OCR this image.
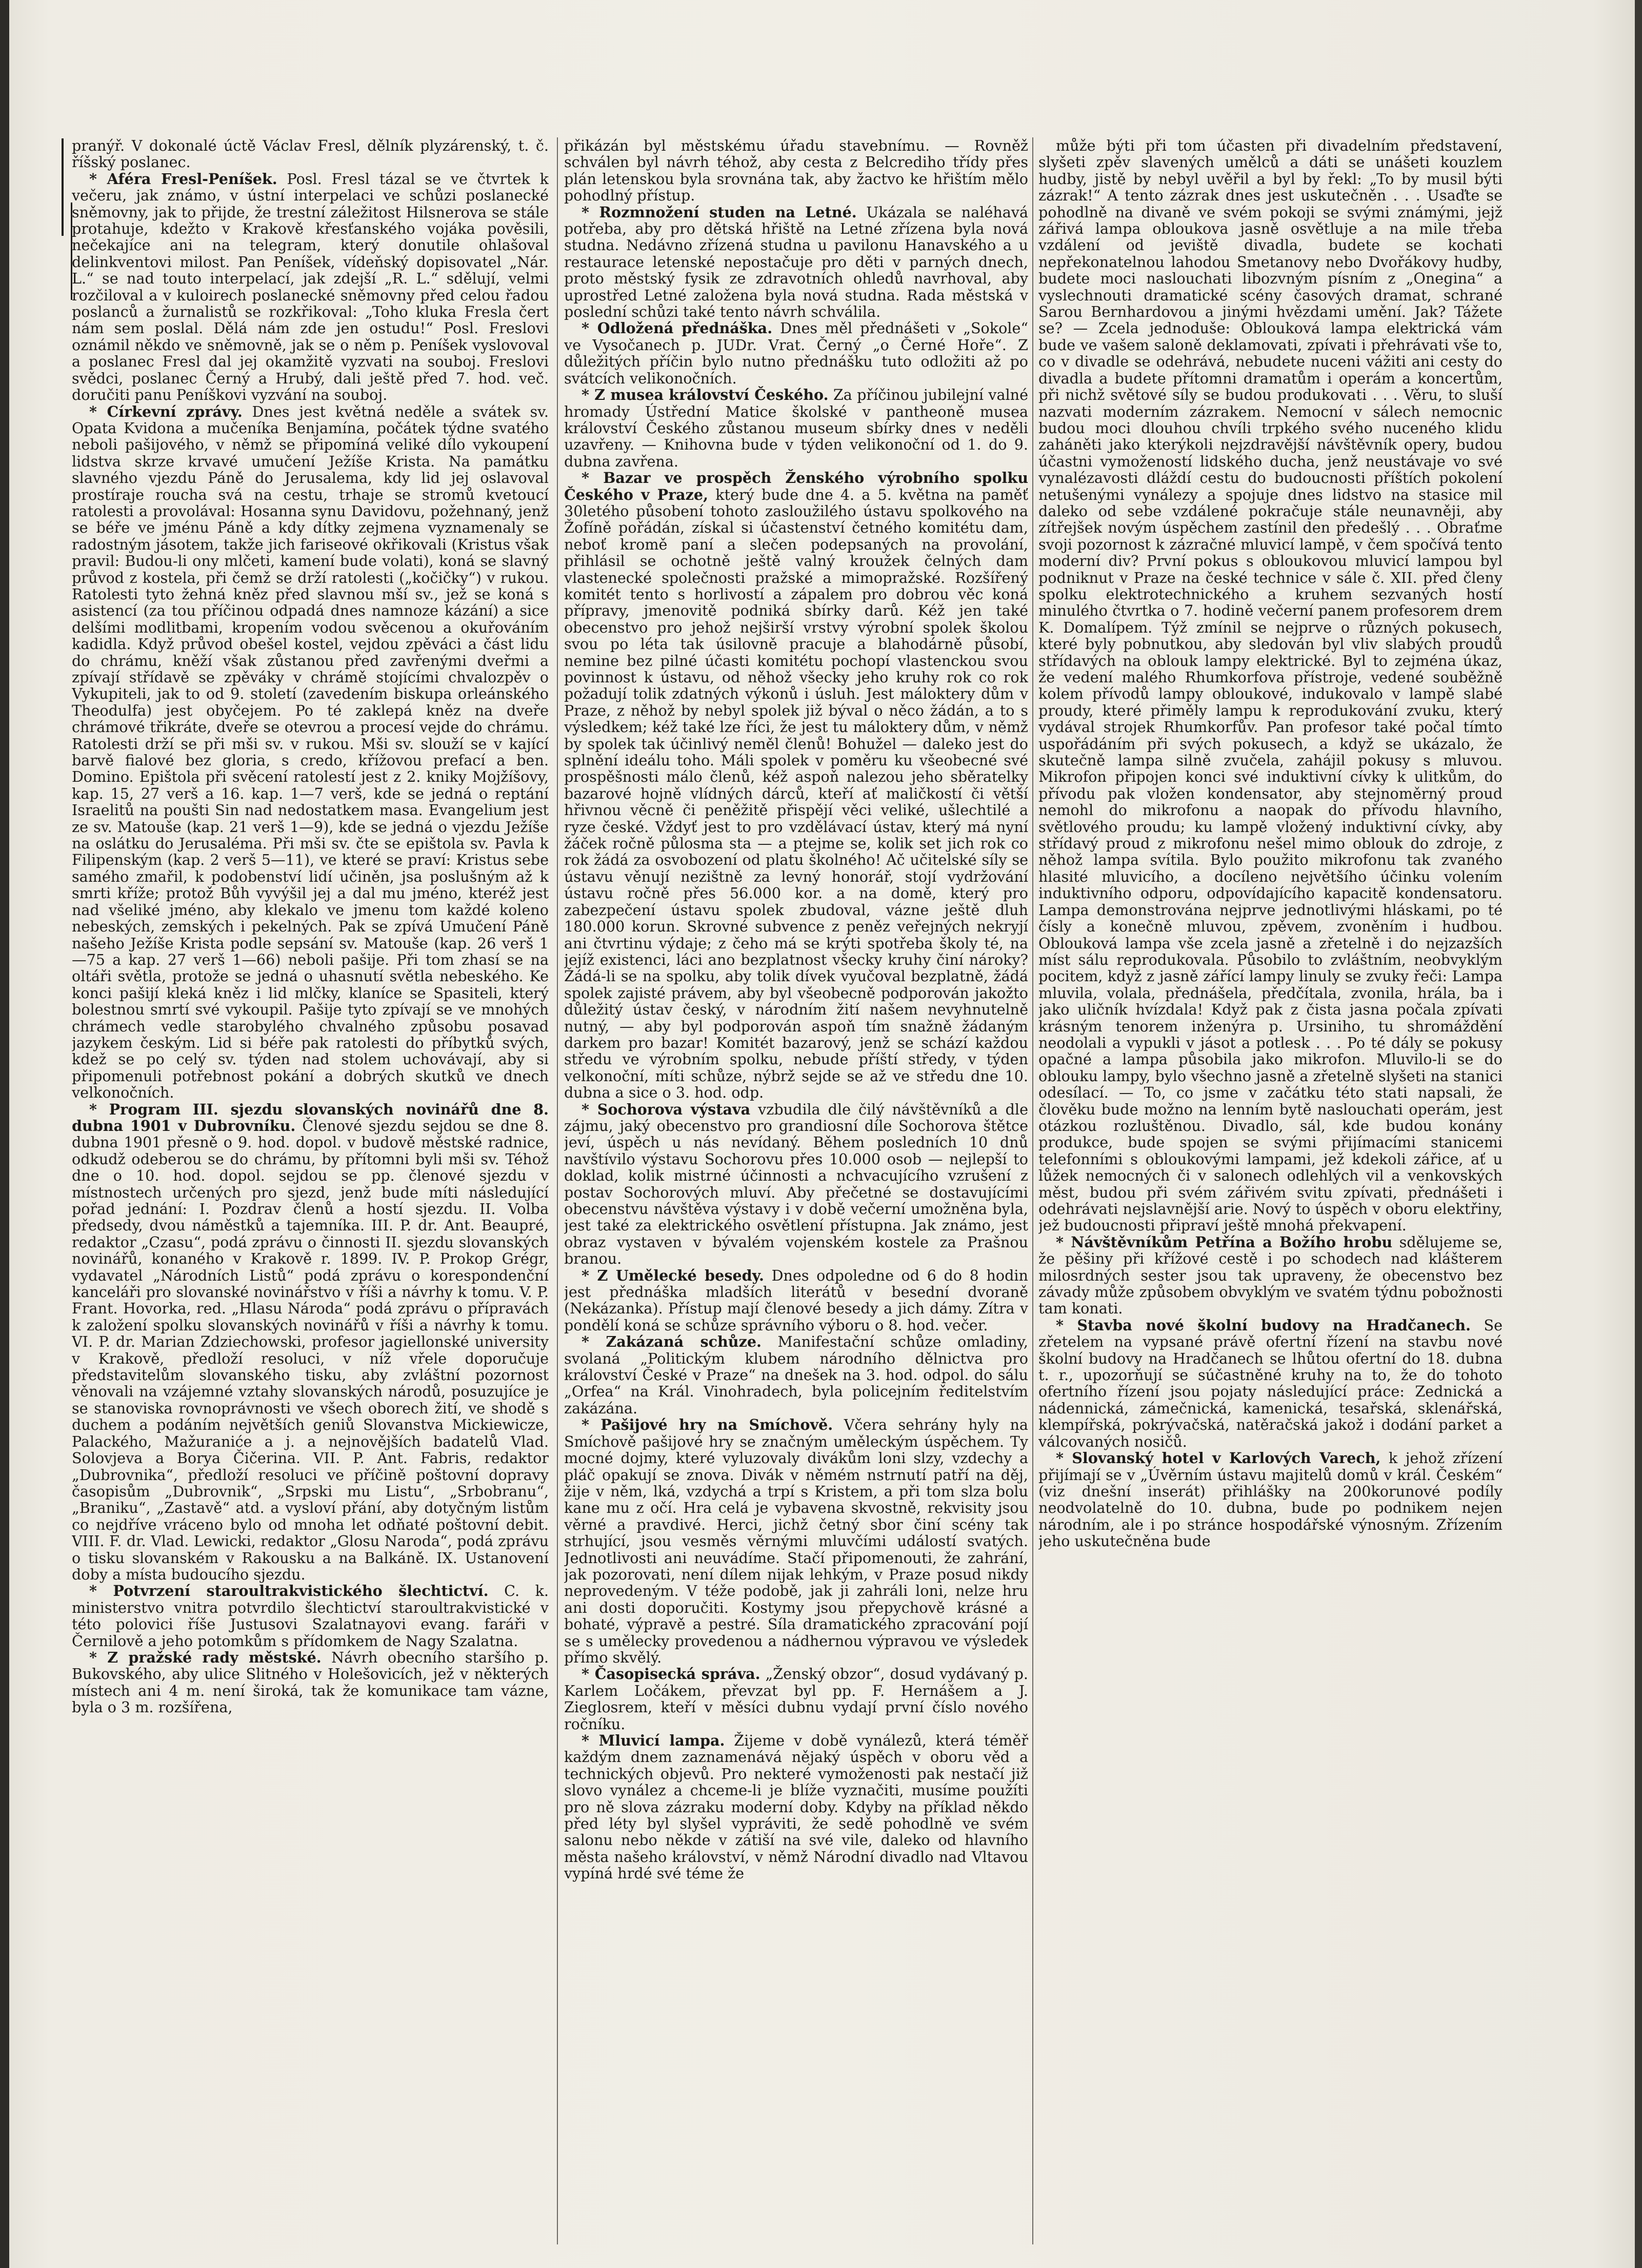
pranýř. V dokonalé úctě Václav Fresl, dělník plyzárenský, t. č. říšský poslanec.

* Aféra Fresl-Peníšek. Posl. Fresl tázal se ve čtvrtek k večeru, jak známo, v ústní interpelaci ve schůzi poslanecké sněmovny, jak to přijde, že trestní záležitost Hilsnerova se stále protahuje, kdežto v Krakově křesťanského vojáka pověsili, nečekajíce ani na telegram, který donutile ohlašoval delinkventovi milost. Pan Peníšek, vídeňský dopisovatel „Nár. L.“ se nad touto interpelací, jak zdejší „R. L.“ sdělují, velmi rozčiloval a v kuloirech poslanecké sněmovny před celou řadou poslanců a žurnalistů se rozkřikoval: „Toho kluka Fresla čert nám sem poslal. Dělá nám zde jen ostudu!“ Posl. Freslovi oznámil někdo ve sněmovně, jak se o něm p. Peníšek vyslovoval a poslanec Fresl dal jej okamžitě vyzvati na souboj. Freslovi svědci, poslanec Černý a Hrubý, dali ještě před 7. hod. več. doručiti panu Peníškovi vyzvání na souboj.

* Církevní zprávy. Dnes jest květná neděle a svátek sv. Opata Kvidona a mučeníka Benjamína, počátek týdne svatého neboli pašijového, v němž se připomíná veliké dílo vykoupení lidstva skrze krvavé umučení Ježíše Krista. Na památku slavného vjezdu Páně do Jerusalema, kdy lid jej oslavoval prostíraje roucha svá na cestu, trhaje se stromů kvetoucí ratolesti a provolával: Hosanna synu Davidovu, požehnaný, jenž se béře ve jménu Páně a kdy dítky zejmena vyznamenaly se radostným jásotem, takže jich fariseové okřikovali (Kristus však pravil: Budou-li ony mlčeti, kamení bude volati), koná se slavný průvod z kostela, při čemž se drží ratolesti („kočičky“) v rukou. Ratolesti tyto žehná kněz před slavnou mší sv., jež se koná s asistencí (za tou příčinou odpadá dnes namnoze kázání) a sice delšími modlitbami, kropením vodou svěcenou a okuřováním kadidla. Když průvod obešel kostel, vejdou zpěváci a část lidu do chrámu, kněží však zůstanou před zavřenými dveřmi a zpívají střídavě se zpěváky v chrámě stojícími chvalozpěv o Vykupiteli, jak to od 9. století (zavedením biskupa orleánského Theodulfa) jest obyčejem. Po té zaklepá kněz na dveře chrámové třikráte, dveře se otevrou a procesí vejde do chrámu. Ratolesti drží se při mši sv. v rukou. Mši sv. slouží se v kající barvě fialové bez gloria, s credo, křížovou prefací a ben. Domino. Epištola při svěcení ratolestí jest z 2. kniky Mojžíšovy, kap. 15, 27 verš a 16. kap. 1—7 verš, kde se jedná o reptání Israelitů na poušti Sin nad nedostatkem masa. Evangelium jest ze sv. Matouše (kap. 21 verš 1—9), kde se jedná o vjezdu Ježíše na oslátku do Jerusaléma. Při mši sv. čte se epištola sv. Pavla k Filipenským (kap. 2 verš 5—11), ve které se praví: Kristus sebe samého zmařil, k podobenství lidí učiněn, jsa poslušným až k smrti kříže; protož Bůh vyvýšil jej a dal mu jméno, kteréž jest nad všeliké jméno, aby klekalo ve jmenu tom každé koleno nebeských, zemských i pekelných. Pak se zpívá Umučení Páně našeho Ježíše Krista podle sepsání sv. Matouše (kap. 26 verš 1—75 a kap. 27 verš 1—66) neboli pašije. Při tom zhasí se na oltáři světla, protože se jedná o uhasnutí světla nebeského. Ke konci pašijí kleká kněz i lid mlčky, klaníce se Spasiteli, který bolestnou smrtí své vykoupil. Pašije tyto zpívají se ve mnohých chrámech vedle starobylého chvalného způsobu posavad jazykem českým. Lid si béře pak ratolesti do příbytků svých, kdež se po celý sv. týden nad stolem uchovávají, aby si připomenuli potřebnost pokání a dobrých skutků ve dnech velkonočních.

* Program III. sjezdu slovanských novinářů dne 8. dubna 1901 v Dubrovníku. Členové sjezdu sejdou se dne 8. dubna 1901 přesně o 9. hod. dopol. v budově městské radnice, odkudž odeberou se do chrámu, by přítomni byli mši sv. Téhož dne o 10. hod. dopol. sejdou se pp. členové sjezdu v místnostech určených pro sjezd, jenž bude míti následující pořad jednání: I. Pozdrav členů a hostí sjezdu. II. Volba předsedy, dvou náměstků a tajemníka. III. P. dr. Ant. Beaupré, redaktor „Czasu“, podá zprávu o činnosti II. sjezdu slovanských novinářů, konaného v Krakově r. 1899. IV. P. Prokop Grégr, vydavatel „Národních Listů“ podá zprávu o korespondenční kanceláři pro slovanské novinářstvo v říši a návrhy k tomu. V. P. Frant. Hovorka, red. „Hlasu Národa“ podá zprávu o přípravách k založení spolku slovanských novinářů v říši a návrhy k tomu. VI. P. dr. Marian Zdziechowski, profesor jagiellonské university v Krakově, předloží resoluci, v níž vřele doporučuje představitelům slovanského tisku, aby zvláštní pozornost věnovali na vzájemné vztahy slovanských národů, posuzujíce je se stanoviska rovnoprávnosti ve všech oborech žití, ve shodě s duchem a podáním největších geniů Slovanstva Mickiewicze, Palackého, Mažuraniće a j. a nejnovějších badatelů Vlad. Solovjeva a Borya Čičerina. VII. P. Ant. Fabris, redaktor „Dubrovnika“, předloží resoluci ve příčině poštovní dopravy časopisům „Dubrovnik“, „Srpski mu Listu“, „Srbobranu“, „Braniku“, „Zastavě“ atd. a vysloví přání, aby dotyčným listům co nejdříve vráceno bylo od mnoha let odňaté poštovní debit. VIII. F. dr. Vlad. Lewicki, redaktor „Glosu Naroda“, podá zprávu o tisku slovanském v Rakousku a na Balkáně. IX. Ustanovení doby a místa budoucího sjezdu.

* Potvrzení staroultrakvistického šlechtictví. C. k. ministerstvo vnitra potvrdilo šlechtictví staroultrakvistické v této polovici říše Justusovi Szalatnayovi evang. faráři v Černilově a jeho potomkům s přídomkem de Nagy Szalatna.

* Z pražské rady městské. Návrh obecního staršího p. Bukovského, aby ulice Slitného v Holešovicích, jež v některých místech ani 4 m. není široká, tak že komunikace tam vázne, byla o 3 m. rozšířena,

přikázán byl městskému úřadu stavebnímu. — Rovněž schválen byl návrh téhož, aby cesta z Belcrediho třídy přes plán letenskou byla srovnána tak, aby žactvo ke hřištím mělo pohodlný přístup.

* Rozmnožení studen na Letné. Ukázala se naléhavá potřeba, aby pro dětská hřiště na Letné zřízena byla nová studna. Nedávno zřízená studna u pavilonu Hanavského a u restaurace letenské nepostačuje pro děti v parných dnech, proto městský fysik ze zdravotních ohledů navrhoval, aby uprostřed Letné založena byla nová studna. Rada městská v poslední schůzi také tento návrh schválila.

* Odložená přednáška. Dnes měl přednášeti v „Sokole“ ve Vysočanech p. JUDr. Vrat. Černý „o Černé Hoře“. Z důležitých příčin bylo nutno přednášku tuto odložiti až po svátcích velikonočních.

* Z musea království Českého. Za příčinou jubilejní valné hromady Ústřední Matice školské v pantheoně musea království Českého zůstanou museum sbírky dnes v neděli uzavřeny. — Knihovna bude v týden velikonoční od 1. do 9. dubna zavřena.

* Bazar ve prospěch Ženského výrobního spolku Českého v Praze, který bude dne 4. a 5. května na paměť 30letého působení tohoto zasloužilého ústavu spolkového na Žofíně pořádán, získal si účastenství četného komitétu dam, neboť kromě paní a slečen podepsaných na provolání, přihlásil se ochotně ještě valný kroužek čelných dam vlastenecké společnosti pražské a mimopražské. Rozšířený komitét tento s horlivostí a zápalem pro dobrou věc koná přípravy, jmenovitě podniká sbírky darů. Kéž jen také obecenstvo pro jehož nejširší vrstvy výrobní spolek školou svou po léta tak úsilovně pracuje a blahodárně působí, nemine bez pilné účasti komitétu pochopí vlastenckou svou povinnost k ústavu, od něhož všecky jeho kruhy rok co rok požadují tolik zdatných výkonů i úsluh. Jest máloktery dům v Praze, z něhož by nebyl spolek již býval o něco žádán, a to s výsledkem; kéž také lze říci, že jest tu máloktery dům, v němž by spolek tak účinlivý neměl členů! Bohužel — daleko jest do splnění ideálu toho. Máli spolek v poměru ku všeobecné své prospěšnosti málo členů, kéž aspoň nalezou jeho sběratelky bazarové hojně vlídných dárců, kteří ať maličkostí či větší hřivnou věcně či peněžitě přispějí věci veliké, ušlechtilé a ryze české. Vždyť jest to pro vzdělávací ústav, který má nyní žáček ročně půlosma sta — a ptejme se, kolik set jich rok co rok žádá za osvobození od platu školného! Ač učitelské síly se ústavu věnují nezištně za levný honorář, stojí vydržování ústavu ročně přes 56.000 kor. a na domě, který pro zabezpečení ústavu spolek zbudoval, vázne ještě dluh 180.000 korun. Skrovné subvence z peněz veřejných nekryjí ani čtvrtinu výdaje; z čeho má se krýti spotřeba školy té, na jejíž existenci, láci ano bezplatnost všecky kruhy činí nároky? Žádá-li se na spolku, aby tolik dívek vyučoval bezplatně, žádá spolek zajisté právem, aby byl všeobecně podporován jakožto důležitý ústav český, v národním žití našem nevyhnutelně nutný, — aby byl podporován aspoň tím snažně žádaným darkem pro bazar! Komitét bazarový, jenž se schází každou středu ve výrobním spolku, nebude příští středy, v týden velkonoční, míti schůze, nýbrž sejde se až ve středu dne 10. dubna a sice o 3. hod. odp.

* Sochorova výstava vzbudila dle čilý návštěvníků a dle zájmu, jaký obecenstvo pro grandiosní díle Sochorova štětce jeví, úspěch u nás nevídaný. Během posledních 10 dnů navštívilo výstavu Sochorovu přes 10.000 osob — nejlepší to doklad, kolik mistrné účinnosti a nchvacujícího vzrušení z postav Sochorových mluví. Aby přečetné se dostavujícími obecenstvu návštěva výstavy i v době večerní umožněna byla, jest také za elektrického osvětlení přístupna. Jak známo, jest obraz vystaven v bývalém vojenském kostele za Prašnou branou.

* Z Umělecké besedy. Dnes odpoledne od 6 do 8 hodin jest přednáška mladších literátů v besední dvoraně (Nekázanka). Přístup mají členové besedy a jich dámy. Zítra v pondělí koná se schůze správního výboru o 8. hod. večer.

* Zakázaná schůze. Manifestační schůze omladiny, svolaná „Politickým klubem národního dělnictva pro království České v Praze“ na dnešek na 3. hod. odpol. do sálu „Orfea“ na Král. Vinohradech, byla policejním ředitelstvím zakázána.

* Pašijové hry na Smíchově. Včera sehrány hyly na Smíchově pašijové hry se značným uměleckým úspěchem. Ty mocné dojmy, které vyluzovaly divákům loni slzy, vzdechy a pláč opakují se znova. Divák v němém nstrnutí patří na děj, žije v něm, lká, vzdychá a trpí s Kristem, a při tom slza bolu kane mu z očí. Hra celá je vybavena skvostně, rekvisity jsou věrné a pravdivé. Herci, jichž četný sbor činí scény tak strhující, jsou vesměs věrnými mluvčími událostí svatých. Jednotlivosti ani neuvádíme. Stačí připomenouti, že zahrání, jak pozorovati, není dílem nijak lehkým, v Praze posud nikdy neprovedeným. V téže podobě, jak ji zahráli loni, nelze hru ani dosti doporučiti. Kostymy jsou přepychově krásné a bohaté, výpravě a pestré. Síla dramatického zpracování pojí se s umělecky provedenou a nádhernou výpravou ve výsledek přímo skvělý.

* Časopisecká správa. „Ženský obzor“, dosud vydávaný p. Karlem Ločákem, převzat byl pp. F. Hernášem a J. Zieglosrem, kteří v měsíci dubnu vydají první číslo nového ročníku.

* Mluvicí lampa. Žijeme v době vynálezů, která téměř každým dnem zaznamenává nějaký úspěch v oboru věd a technických objevů. Pro nekteré vymoženosti pak nestačí již slovo vynález a chceme-li je blíže vyznačiti, musíme použíti pro ně slova zázraku moderní doby. Kdyby na příklad někdo před léty byl slyšel vypráviti, že sedě pohodlně ve svém salonu nebo někde v zátiší na své vile, daleko od hlavního města našeho království, v němž Národní divadlo nad Vltavou vypíná hrdé své téme že

může býti při tom účasten při divadelním představení, slyšeti zpěv slavených umělců a dáti se unášeti kouzlem hudby, jistě by nebyl uvěřil a byl by řekl: „To by musil býti zázrak!“ A tento zázrak dnes jest uskutečněn . . . Usaďte se pohodlně na divaně ve svém pokoji se svými známými, jejž zářivá lampa obloukova jasně osvětluje a na mile třeba vzdálení od jeviště divadla, budete se kochati nepřekonatelnou lahodou Smetanovy nebo Dvořákovy hudby, budete moci naslouchati libozvným písním z „Onegina“ a vyslechnouti dramatické scény časových dramat, schrané Sarou Bernhardovou a jinými hvězdami umění. Jak? Tážete se? — Zcela jednoduše: Oblouková lampa elektrická vám bude ve vašem saloně deklamovati, zpívati i přehrávati vše to, co v divadle se odehrává, nebudete nuceni vážiti ani cesty do divadla a budete přítomni dramatům i operám a koncertům, při nichž světové síly se budou produkovati . . . Věru, to sluší nazvati moderním zázrakem. Nemocní v sálech nemocnic budou moci dlouhou chvíli trpkého svého nuceného klidu zaháněti jako kterýkoli nejzdravější návštěvník opery, budou účastni vymožeností lidského ducha, jenž neustávaje vo své vynalézavosti dláždí cestu do budoucnosti příštích pokolení netušenými vynálezy a spojuje dnes lidstvo na stasice mil daleko od sebe vzdálené pokračuje stále neunavněji, aby zítřejšek novým úspěchem zastínil den předešlý . . . Obraťme svoji pozornost k zázračné mluvicí lampě, v čem spočívá tento moderní div? První pokus s obloukovou mluvicí lampou byl podniknut v Praze na české technice v sále č. XII. před členy spolku elektrotechnického a kruhem sezvaných hostí minulého čtvrtka o 7. hodině večerní panem profesorem drem K. Domalípem. Týž zmínil se nejprve o různých pokusech, které byly pobnutkou, aby sledován byl vliv slabých proudů střídavých na oblouk lampy elektrické. Byl to zejména úkaz, že vedení malého Rhumkorfova přístroje, vedené souběžně kolem přívodů lampy obloukové, indukovalo v lampě slabé proudy, které přiměly lampu k reprodukování zvuku, který vydával strojek Rhumkorfův. Pan profesor také počal tímto uspořádáním při svých pokusech, a když se ukázalo, že skutečně lampa silně zvučela, zahájil pokusy s mluvou. Mikrofon připojen konci své induktivní cívky k ulitkům, do přívodu pak vložen kondensator, aby stejnoměrný proud nemohl do mikrofonu a naopak do přívodu hlavního, světlového proudu; ku lampě vložený induktivní cívky, aby střídavý proud z mikrofonu nešel mimo oblouk do zdroje, z něhož lampa svítila. Bylo použito mikrofonu tak zvaného hlasité mluvicího, a docíleno největšího účinku volením induktivního odporu, odpovídajícího kapacitě kondensatoru. Lampa demonstrována nejprve jednotlivými hláskami, po té čísly a konečně mluvou, zpěvem, zvoněním i hudbou. Oblouková lampa vše zcela jasně a zřetelně i do nejzazších míst sálu reprodukovala. Působilo to zvláštním, neobvyklým pocitem, když z jasně zářící lampy linuly se zvuky řeči: Lampa mluvila, volala, přednášela, předčítala, zvonila, hrála, ba i jako uličník hvízdala! Když pak z čista jasna počala zpívati krásným tenorem inženýra p. Ursiniho, tu shromáždění neodolali a vypukli v jásot a potlesk . . . Po té dály se pokusy opačné a lampa působila jako mikrofon. Mluvilo-li se do oblouku lampy, bylo všechno jasně a zřetelně slyšeti na stanici odesílací. — To, co jsme v začátku této stati napsali, že člověku bude možno na lenním bytě naslouchati operám, jest otázkou rozluštěnou. Divadlo, sál, kde budou konány produkce, bude spojen se svými přijímacími stanicemi telefonními s obloukovými lampami, jež kdekoli zářice, ať u lůžek nemocných či v salonech odlehlých vil a venkovských měst, budou při svém zářivém svitu zpívati, přednášeti i odehrávati nejslavnější arie. Nový to úspěch v oboru elektřiny, jež budoucnosti připraví ještě mnohá překvapení.

* Návštěvníkům Petřína a Božího hrobu sdělujeme se, že pěšiny při křížové cestě i po schodech nad klášterem milosrdných sester jsou tak upraveny, že obecenstvo bez závady může způsobem obvyklým ve svatém týdnu pobožnosti tam konati.

* Stavba nové školní budovy na Hradčanech. Se zřetelem na vypsané právě ofertní řízení na stavbu nové školní budovy na Hradčanech se lhůtou ofertní do 18. dubna t. r., upozorňují se súčastněné kruhy na to, že do tohoto ofertního řízení jsou pojaty následující práce: Zednická a nádennická, zámečnická, kamenická, tesařská, sklenářská, klempířská, pokrývačská, natěračská jakož i dodání parket a válcovaných nosičů.

* Slovanský hotel v Karlových Varech, k jehož zřízení přijímají se v „Úvěrním ústavu majitelů domů v král. Českém“ (viz dnešní inserát) přihlášky na 200korunové podíly neodvolatelně do 10. dubna, bude po podnikem nejen národním, ale i po stránce hospodářské výnosným. Zřízením jeho uskutečněna bude
